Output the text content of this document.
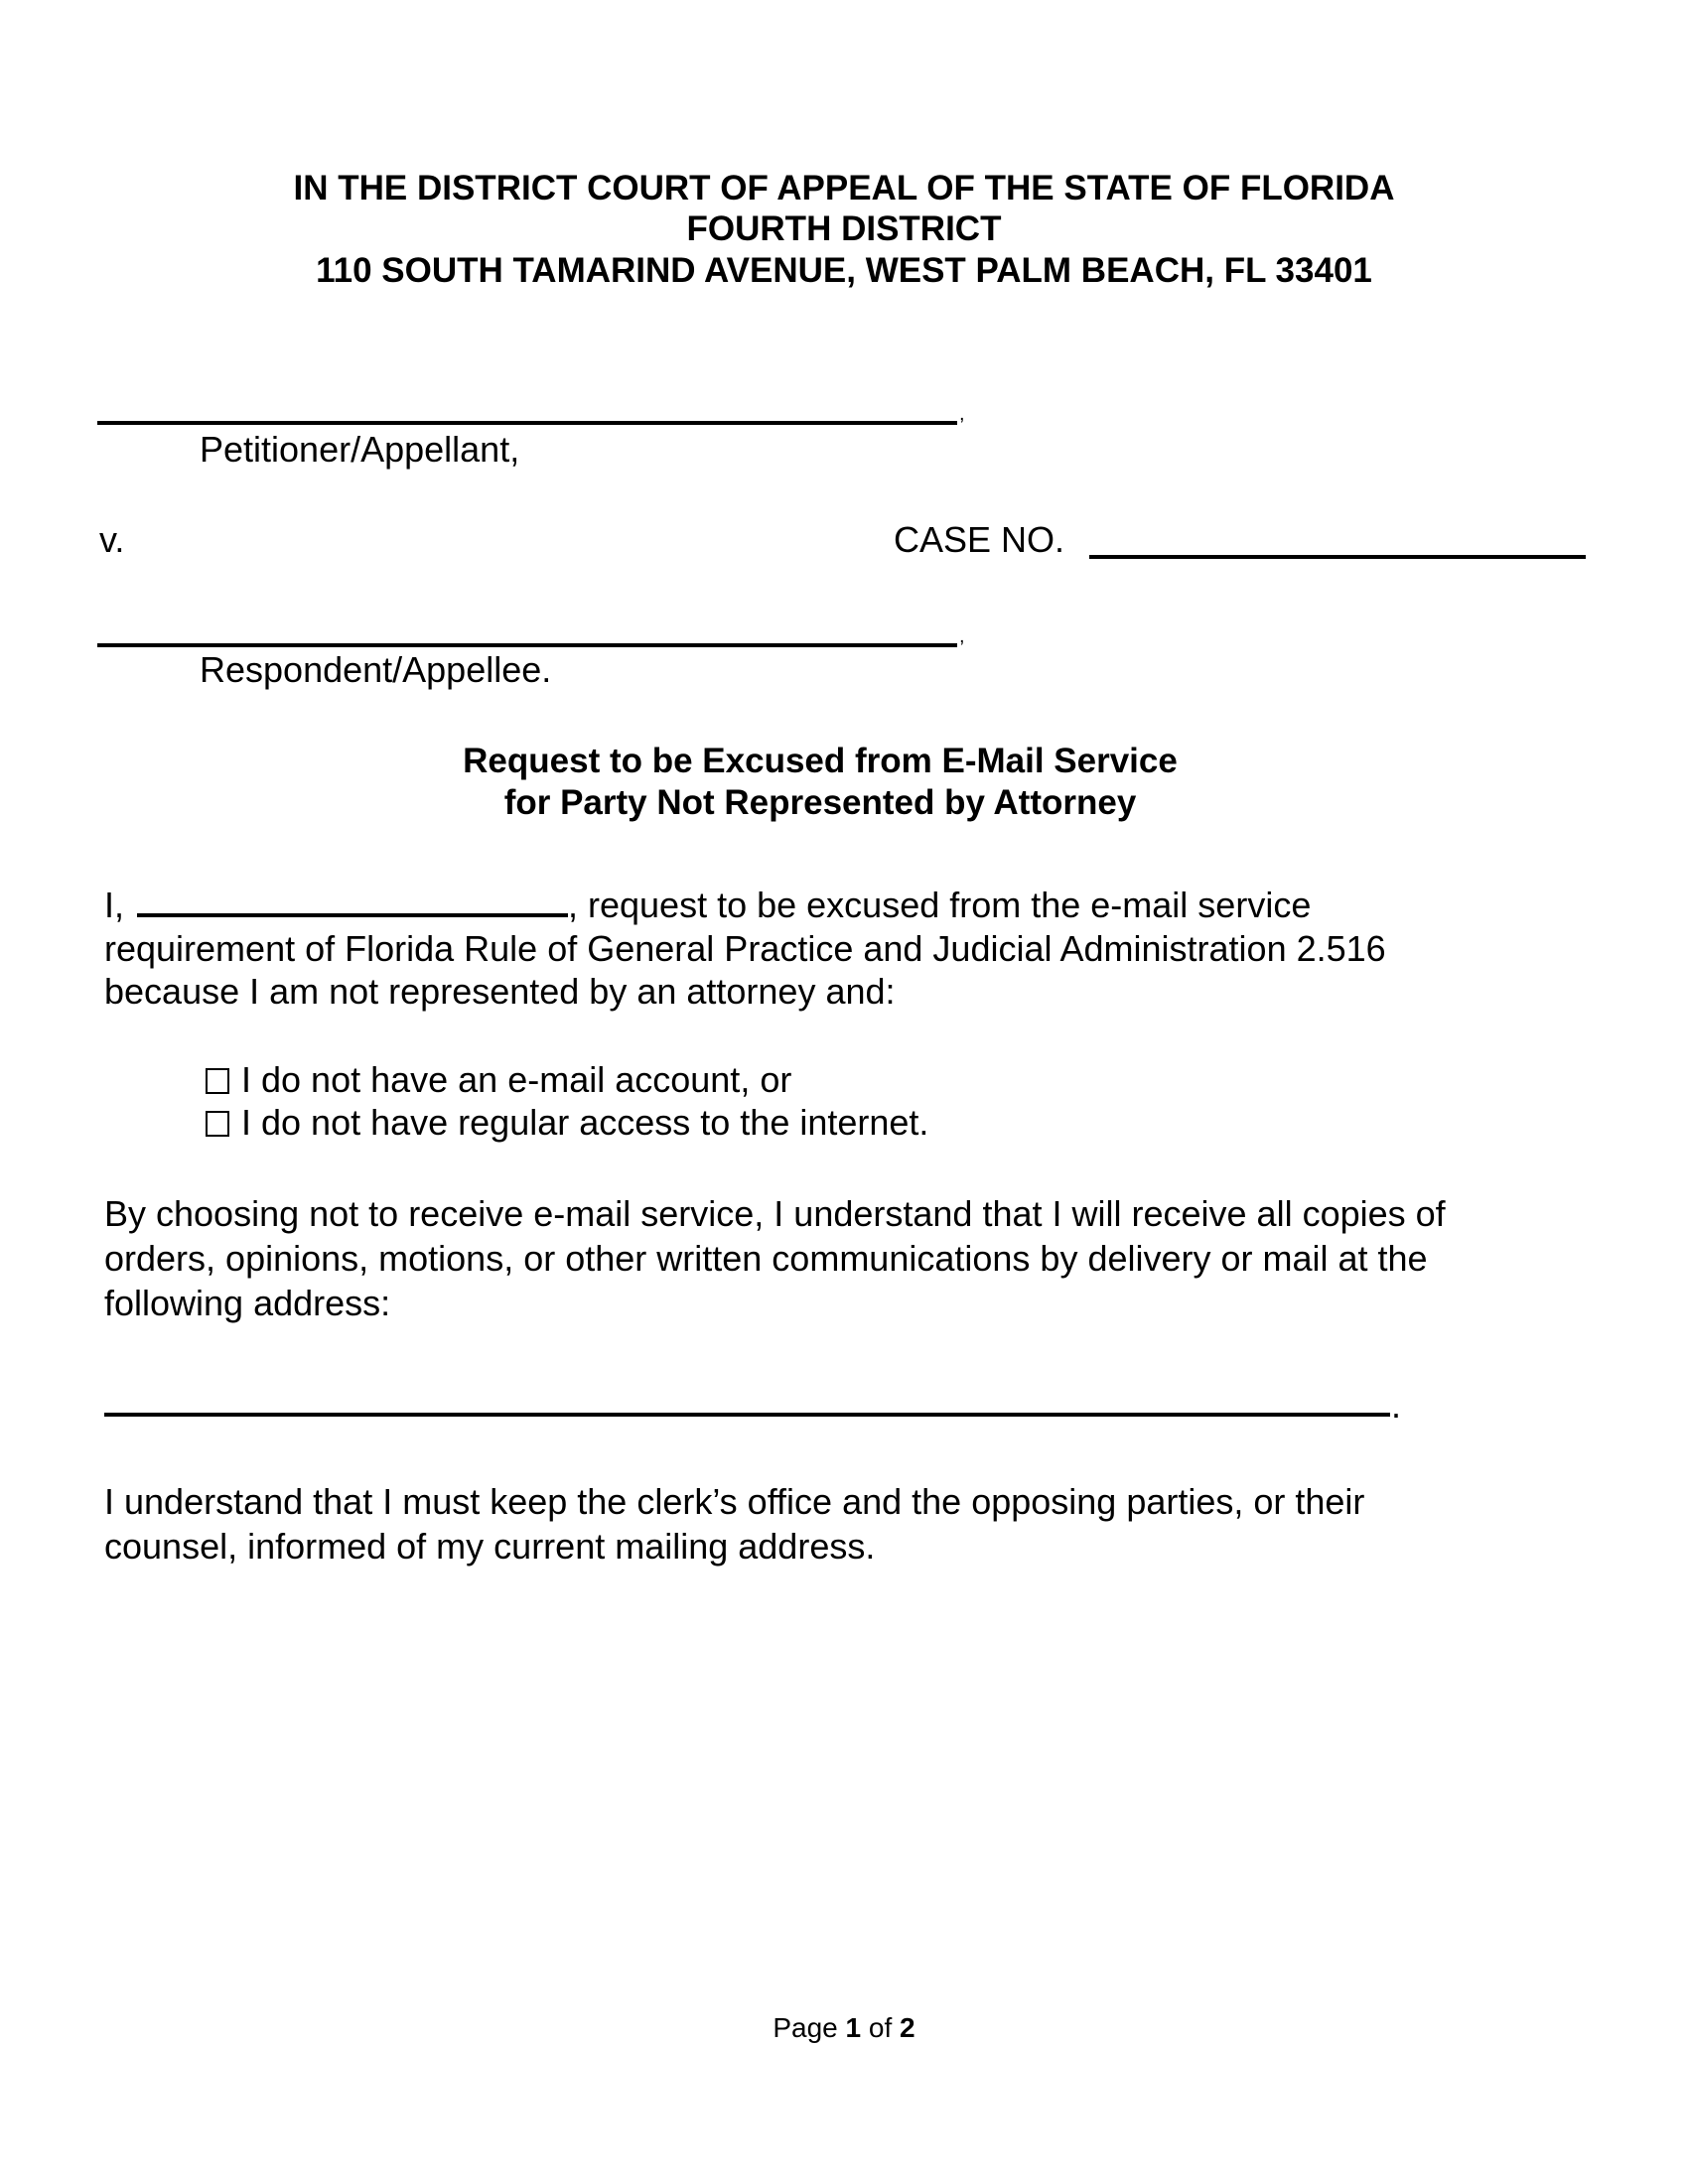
IN THE DISTRICT COURT OF APPEAL OF THE STATE OF FLORIDA
FOURTH DISTRICT
110 SOUTH TAMARIND AVENUE, WEST PALM BEACH, FL 33401
,
Petitioner/Appellant,
v.	CASE NO.
,
Respondent/Appellee.
Request to be Excused from E-Mail Service
for Party Not Represented by Attorney
I,	, request to be excused from the e-mail service
requirement of Florida Rule of General Practice and Judicial Administration 2.516
because I am not represented by an attorney and:
I do not have an e-mail account, or
I do not have regular access to the internet.
By choosing not to receive e-mail service, I understand that I will receive all copies of
orders, opinions, motions, or other written communications by delivery or mail at the
following address:
.
I understand that I must keep the clerk’s office and the opposing parties, or their
counsel, informed of my current mailing address.
Page 1 of 2
